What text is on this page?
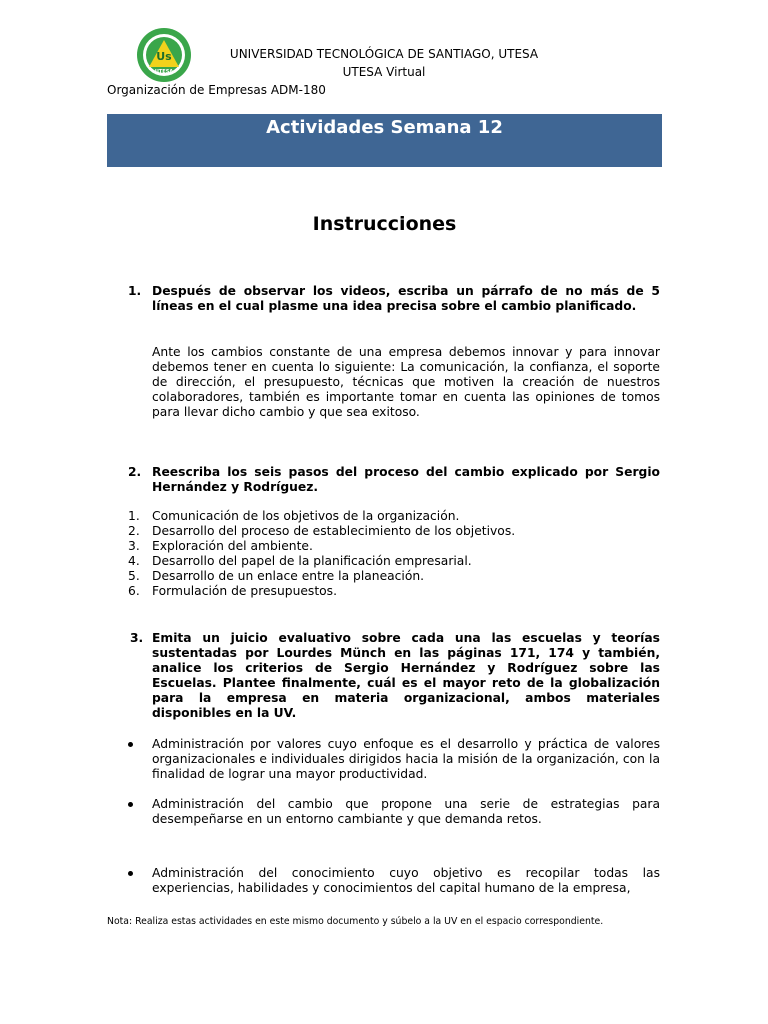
Us
UTESA
UNIVERSIDAD TECNOLÓGICA DE SANTIAGO, UTESA
UTESA Virtual
Organización de Empresas ADM-180
Actividades Semana 12
Instrucciones
1. Después de observar los videos, escriba un párrafo de no más de 5 líneas en el cual plasme una idea precisa sobre el cambio planificado.
Ante los cambios constante de una empresa debemos innovar y para innovar debemos tener en cuenta lo siguiente: La comunicación, la confianza, el soporte de dirección, el presupuesto, técnicas que motiven la creación de nuestros colaboradores, también es importante tomar en cuenta las opiniones de tomos para llevar dicho cambio y que sea exitoso.
2. Reescriba los seis pasos del proceso del cambio explicado por Sergio Hernández y Rodríguez.
1. Comunicación de los objetivos de la organización.
2. Desarrollo del proceso de establecimiento de los objetivos.
3. Exploración del ambiente.
4. Desarrollo del papel de la planificación empresarial.
5. Desarrollo de un enlace entre la planeación.
6. Formulación de presupuestos.
3. Emita un juicio evaluativo sobre cada una las escuelas y teorías sustentadas por Lourdes Münch en las páginas 171, 174 y también, analice los criterios de Sergio Hernández y Rodríguez sobre las Escuelas. Plantee finalmente, cuál es el mayor reto de la globalización para la empresa en materia organizacional, ambos materiales disponibles en la UV.
Administración por valores cuyo enfoque es el desarrollo y práctica de valores organizacionales e individuales dirigidos hacia la misión de la organización, con la finalidad de lograr una mayor productividad.
Administración del cambio que propone una serie de estrategias para desempeñarse en un entorno cambiante y que demanda retos.
Administración del conocimiento cuyo objetivo es recopilar todas las experiencias, habilidades y conocimientos del capital humano de la empresa,
Nota: Realiza estas actividades en este mismo documento y súbelo a la UV en el espacio correspondiente.
